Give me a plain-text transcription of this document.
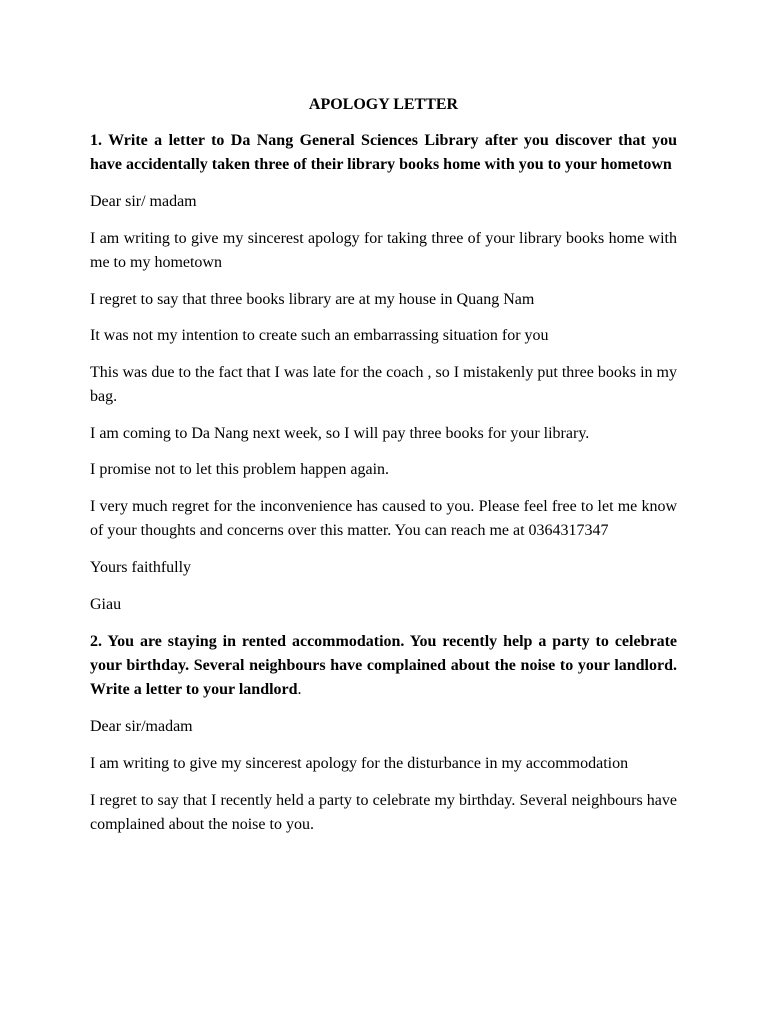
APOLOGY LETTER

1. Write a letter to Da Nang General Sciences Library after you discover that you have accidentally taken three of their library books home with you to your hometown

Dear sir/ madam

I am writing to give my sincerest apology for taking three of your library books home with me to my hometown

I regret to say that three books library are at my house in Quang Nam

It was not my intention to create such an embarrassing situation for you

This was due to the fact that I was late for the coach , so I mistakenly put three books in my bag.

I am coming to Da Nang next week, so I will pay three books for your library.

I promise not to let this problem happen again.

I very much regret for the inconvenience has caused to you. Please feel free to let me know of your thoughts and concerns over this matter. You can reach me at 0364317347

Yours faithfully

Giau

2. You are staying in rented accommodation. You recently help a party to celebrate your birthday. Several neighbours have complained about the noise to your landlord. Write a letter to your landlord.

Dear sir/madam

I am writing to give my sincerest apology for the disturbance in my accommodation

I regret to say that I recently held a party to celebrate my birthday. Several neighbours have complained about the noise to you.
